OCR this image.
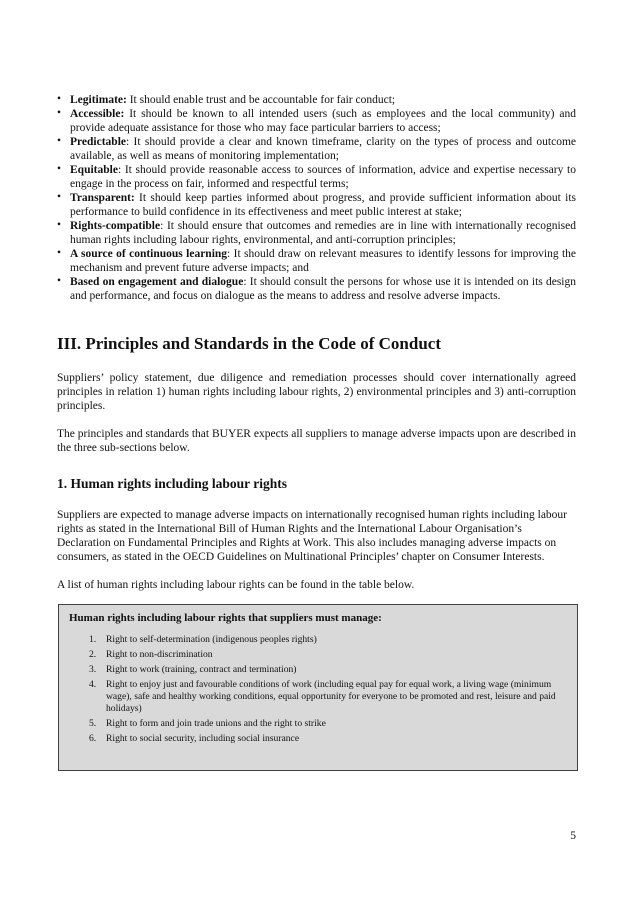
• Legitimate: It should enable trust and be accountable for fair conduct;
• Accessible: It should be known to all intended users (such as employees and the local community) and provide adequate assistance for those who may face particular barriers to access;
• Predictable: It should provide a clear and known timeframe, clarity on the types of process and outcome available, as well as means of monitoring implementation;
• Equitable: It should provide reasonable access to sources of information, advice and expertise necessary to engage in the process on fair, informed and respectful terms;
• Transparent: It should keep parties informed about progress, and provide sufficient information about its performance to build confidence in its effectiveness and meet public interest at stake;
• Rights-compatible: It should ensure that outcomes and remedies are in line with internationally recognised human rights including labour rights, environmental, and anti-corruption principles;
• A source of continuous learning: It should draw on relevant measures to identify lessons for improving the mechanism and prevent future adverse impacts; and
• Based on engagement and dialogue: It should consult the persons for whose use it is intended on its design and performance, and focus on dialogue as the means to address and resolve adverse impacts.
III. Principles and Standards in the Code of Conduct

Suppliers’ policy statement, due diligence and remediation processes should cover internationally agreed principles in relation 1) human rights including labour rights, 2) environmental principles and 3) anti-corruption principles.

The principles and standards that BUYER expects all suppliers to manage adverse impacts upon are described in the three sub-sections below.

1. Human rights including labour rights

Suppliers are expected to manage adverse impacts on internationally recognised human rights including labour rights as stated in the International Bill of Human Rights and the International Labour Organisation’s Declaration on Fundamental Principles and Rights at Work. This also includes managing adverse impacts on consumers, as stated in the OECD Guidelines on Multinational Principles’ chapter on Consumer Interests.

A list of human rights including labour rights can be found in the table below.

Human rights including labour rights that suppliers must manage:
1.	Right to self-determination (indigenous peoples rights)
2.	Right to non-discrimination
3.	Right to work (training, contract and termination)
4.	Right to enjoy just and favourable conditions of work (including equal pay for equal work, a living wage (minimum wage), safe and healthy working conditions, equal opportunity for everyone to be promoted and rest, leisure and paid holidays)
5.	Right to form and join trade unions and the right to strike
6.	Right to social security, including social insurance
5
